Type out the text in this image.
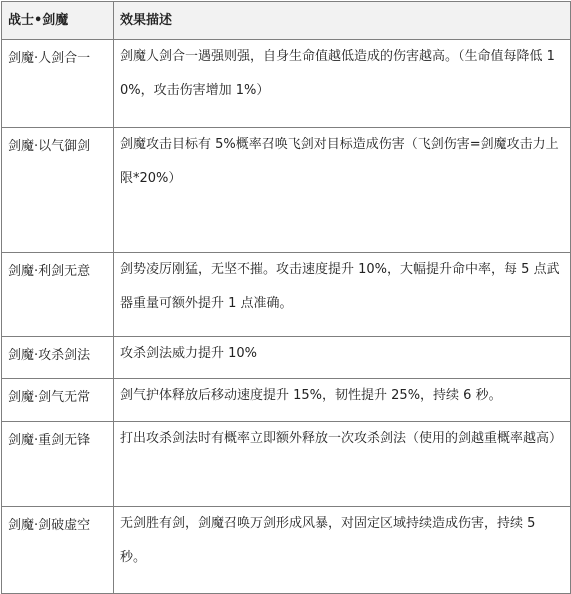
战士•剑魔	效果描述
剑魔·人剑合一	剑魔人剑合一遇强则强，自身生命值越低造成的伤害越高。（生命值每降低 10%，攻击伤害增加 1%）
剑魔·以气御剑	剑魔攻击目标有 5%概率召唤飞剑对目标造成伤害（飞剑伤害=剑魔攻击力上限*20%）
剑魔·利剑无意	剑势凌厉刚猛，无坚不摧。攻击速度提升 10%，大幅提升命中率，每 5 点武器重量可额外提升 1 点准确。
剑魔·攻杀剑法	攻杀剑法威力提升 10%
剑魔·剑气无常	剑气护体释放后移动速度提升 15%，韧性提升 25%，持续 6 秒。
剑魔·重剑无锋	打出攻杀剑法时有概率立即额外释放一次攻杀剑法（使用的剑越重概率越高）
剑魔·剑破虚空	无剑胜有剑，剑魔召唤万剑形成风暴，对固定区域持续造成伤害，持续 5 秒。
